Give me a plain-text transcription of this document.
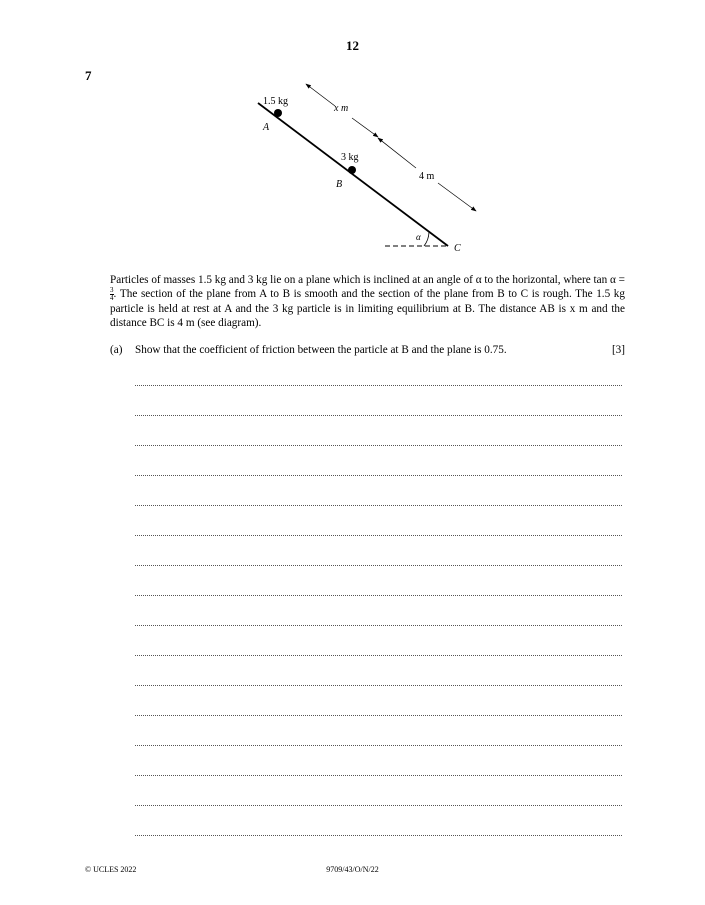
12
7
1.5 kg
A
3 kg
B
C
α
x m
4 m
Particles of masses 1.5 kg and 3 kg lie on a plane which is inclined at an angle of α to the horizontal, where tan α =
$\frac{3}{4}$ . The section of the plane from A to B is smooth and the section of the plane from B to C is rough. The 1.5 kg particle is held at rest at A and the 3 kg particle is in limiting equilibrium at B. The distance AB is x m and the distance BC is 4 m (see diagram).
(a) Show that the coefficient of friction between the particle at B and the plane is 0.75.	[3]
© UCLES 2022	9709/43/O/N/22
